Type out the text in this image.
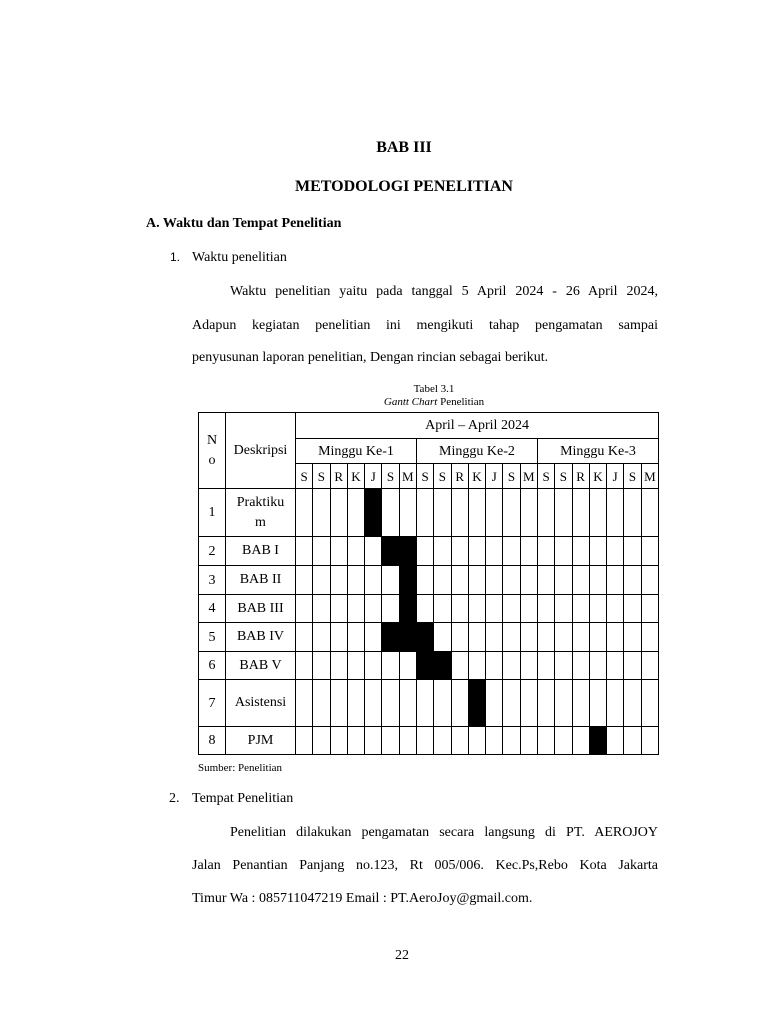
BAB III
METODOLOGI PENELITIAN
A. Waktu dan Tempat Penelitian
1. Waktu penelitian
Waktu penelitian yaitu pada tanggal 5 April 2024 - 26 April 2024,
Adapun kegiatan penelitian ini mengikuti tahap pengamatan sampai
penyusunan laporan penelitian, Dengan rincian sebagai berikut.
Tabel 3.1
Gantt Chart Penelitian
N o	Deskripsi	April – April 2024																				
		Minggu Ke-1							Minggu Ke-2							Minggu Ke-3						
		S	S	R	K	J	S	M	S	S	R	K	J	S	M	S	S	R	K	J	S	M
1	Praktikum																					
2	BAB I																					
3	BAB II																					
4	BAB III																					
5	BAB IV																					
6	BAB V																					
7	Asistensi																					
8	PJM																					
Sumber: Penelitian
2. Tempat Penelitian
Penelitian dilakukan pengamatan secara langsung di PT. AEROJOY
Jalan Penantian Panjang no.123, Rt 005/006. Kec.Ps,Rebo Kota Jakarta
Timur Wa : 085711047219 Email : PT.AeroJoy@gmail.com.
22
